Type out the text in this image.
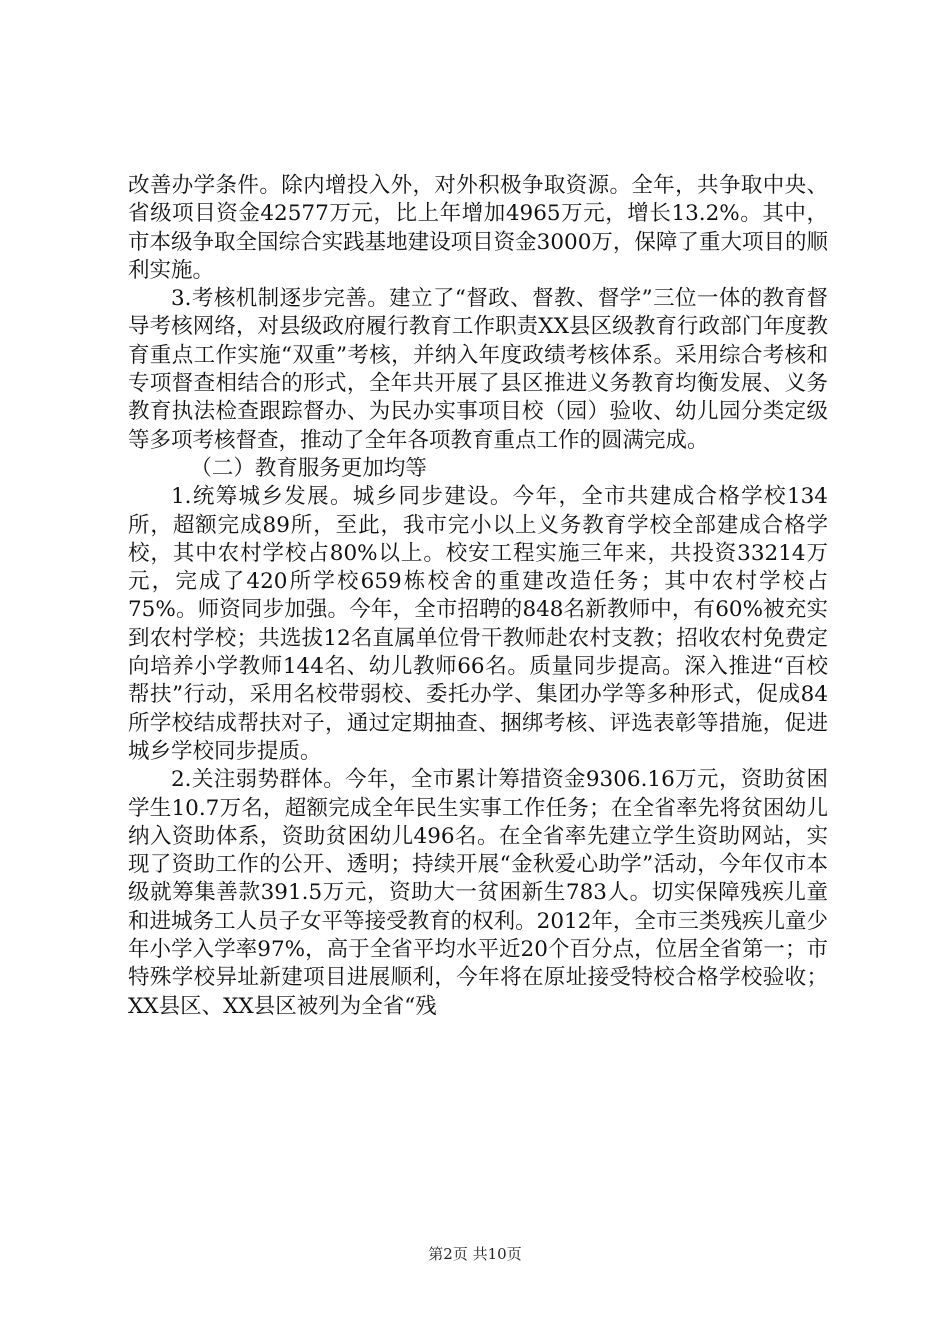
改善办学条件。除内增投入外，对外积极争取资源。全年，共争取中央、省级项目资金42577万元，比上年增加4965万元，增长13.2%。其中，市本级争取全国综合实践基地建设项目资金3000万，保障了重大项目的顺利实施。

3.考核机制逐步完善。建立了“督政、督教、督学”三位一体的教育督导考核网络，对县级政府履行教育工作职责XX县区级教育行政部门年度教育重点工作实施“双重”考核，并纳入年度政绩考核体系。采用综合考核和专项督查相结合的形式，全年共开展了县区推进义务教育均衡发展、义务教育执法检查跟踪督办、为民办实事项目校（园）验收、幼儿园分类定级等多项考核督查，推动了全年各项教育重点工作的圆满完成。

（二）教育服务更加均等

1.统筹城乡发展。城乡同步建设。今年，全市共建成合格学校134所，超额完成89所，至此，我市完小以上义务教育学校全部建成合格学校，其中农村学校占80%以上。校安工程实施三年来，共投资33214万元，完成了420所学校659栋校舍的重建改造任务；其中农村学校占75%。师资同步加强。今年，全市招聘的848名新教师中，有60%被充实到农村学校；共选拔12名直属单位骨干教师赴农村支教；招收农村免费定向培养小学教师144名、幼儿教师66名。质量同步提高。深入推进“百校帮扶”行动，采用名校带弱校、委托办学、集团办学等多种形式，促成84所学校结成帮扶对子，通过定期抽查、捆绑考核、评选表彰等措施，促进城乡学校同步提质。

2.关注弱势群体。今年，全市累计筹措资金9306.16万元，资助贫困学生10.7万名，超额完成全年民生实事工作任务；在全省率先将贫困幼儿纳入资助体系，资助贫困幼儿496名。在全省率先建立学生资助网站，实现了资助工作的公开、透明；持续开展“金秋爱心助学”活动，今年仅市本级就筹集善款391.5万元，资助大一贫困新生783人。切实保障残疾儿童和进城务工人员子女平等接受教育的权利。2012年，全市三类残疾儿童少年小学入学率97%，高于全省平均水平近20个百分点，位居全省第一；市特殊学校异址新建项目进展顺利，今年将在原址接受特校合格学校验收；XX县区、XX县区被列为全省“残

第2页 共10页
